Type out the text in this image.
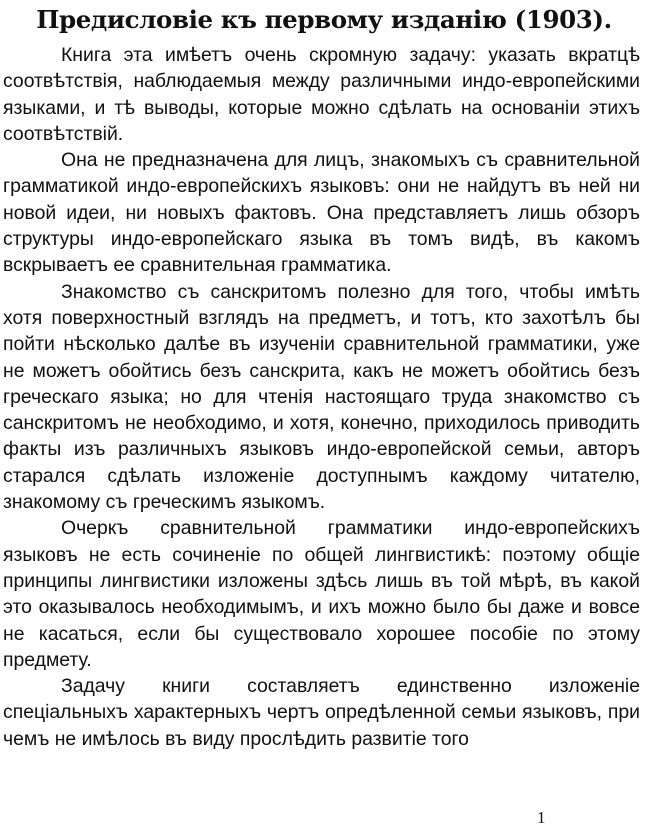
Предисловіе къ первому изданію (1903).

Книга эта имѣетъ очень скромную задачу: указать вкратцѣ соотвѣтствія, наблюдаемыя между различными индо-европейскими языками, и тѣ выводы, которые можно сдѣлать на основаніи этихъ соотвѣтствій.

Она не предназначена для лицъ, знакомыхъ съ сравнительной грамматикой индо-европейскихъ языковъ: они не найдутъ въ ней ни новой идеи, ни новыхъ фактовъ. Она представляетъ лишь обзоръ структуры индо-европейскаго языка въ томъ видѣ, въ какомъ вскрываетъ ее сравнительная грамматика.

Знакомство съ санскритомъ полезно для того, чтобы имѣть хотя поверхностный взглядъ на предметъ, и тотъ, кто захотѣлъ бы пойти нѣсколько далѣе въ изученіи сравнительной грамматики, уже не можетъ обойтись безъ санскрита, какъ не можетъ обойтись безъ греческаго языка; но для чтенія настоящаго труда знакомство съ санскритомъ не необходимо, и хотя, конечно, приходилось приводить факты изъ различныхъ языковъ индо-европейской семьи, авторъ старался сдѣлать изложеніе доступнымъ каждому читателю, знакомому съ греческимъ языкомъ.

Очеркъ сравнительной грамматики индо-европейскихъ языковъ не есть сочиненіе по общей лингвистикѣ: поэтому общіе принципы лингвистики изложены здѣсь лишь въ той мѣрѣ, въ какой это оказывалось необходимымъ, и ихъ можно было бы даже и вовсе не касаться, если бы существовало хорошее пособіе по этому предмету.

Задачу книги составляетъ единственно изложеніе спеціальныхъ характерныхъ чертъ опредѣленной семьи языковъ, при чемъ не имѣлось въ виду прослѣдить развитіе того

1
